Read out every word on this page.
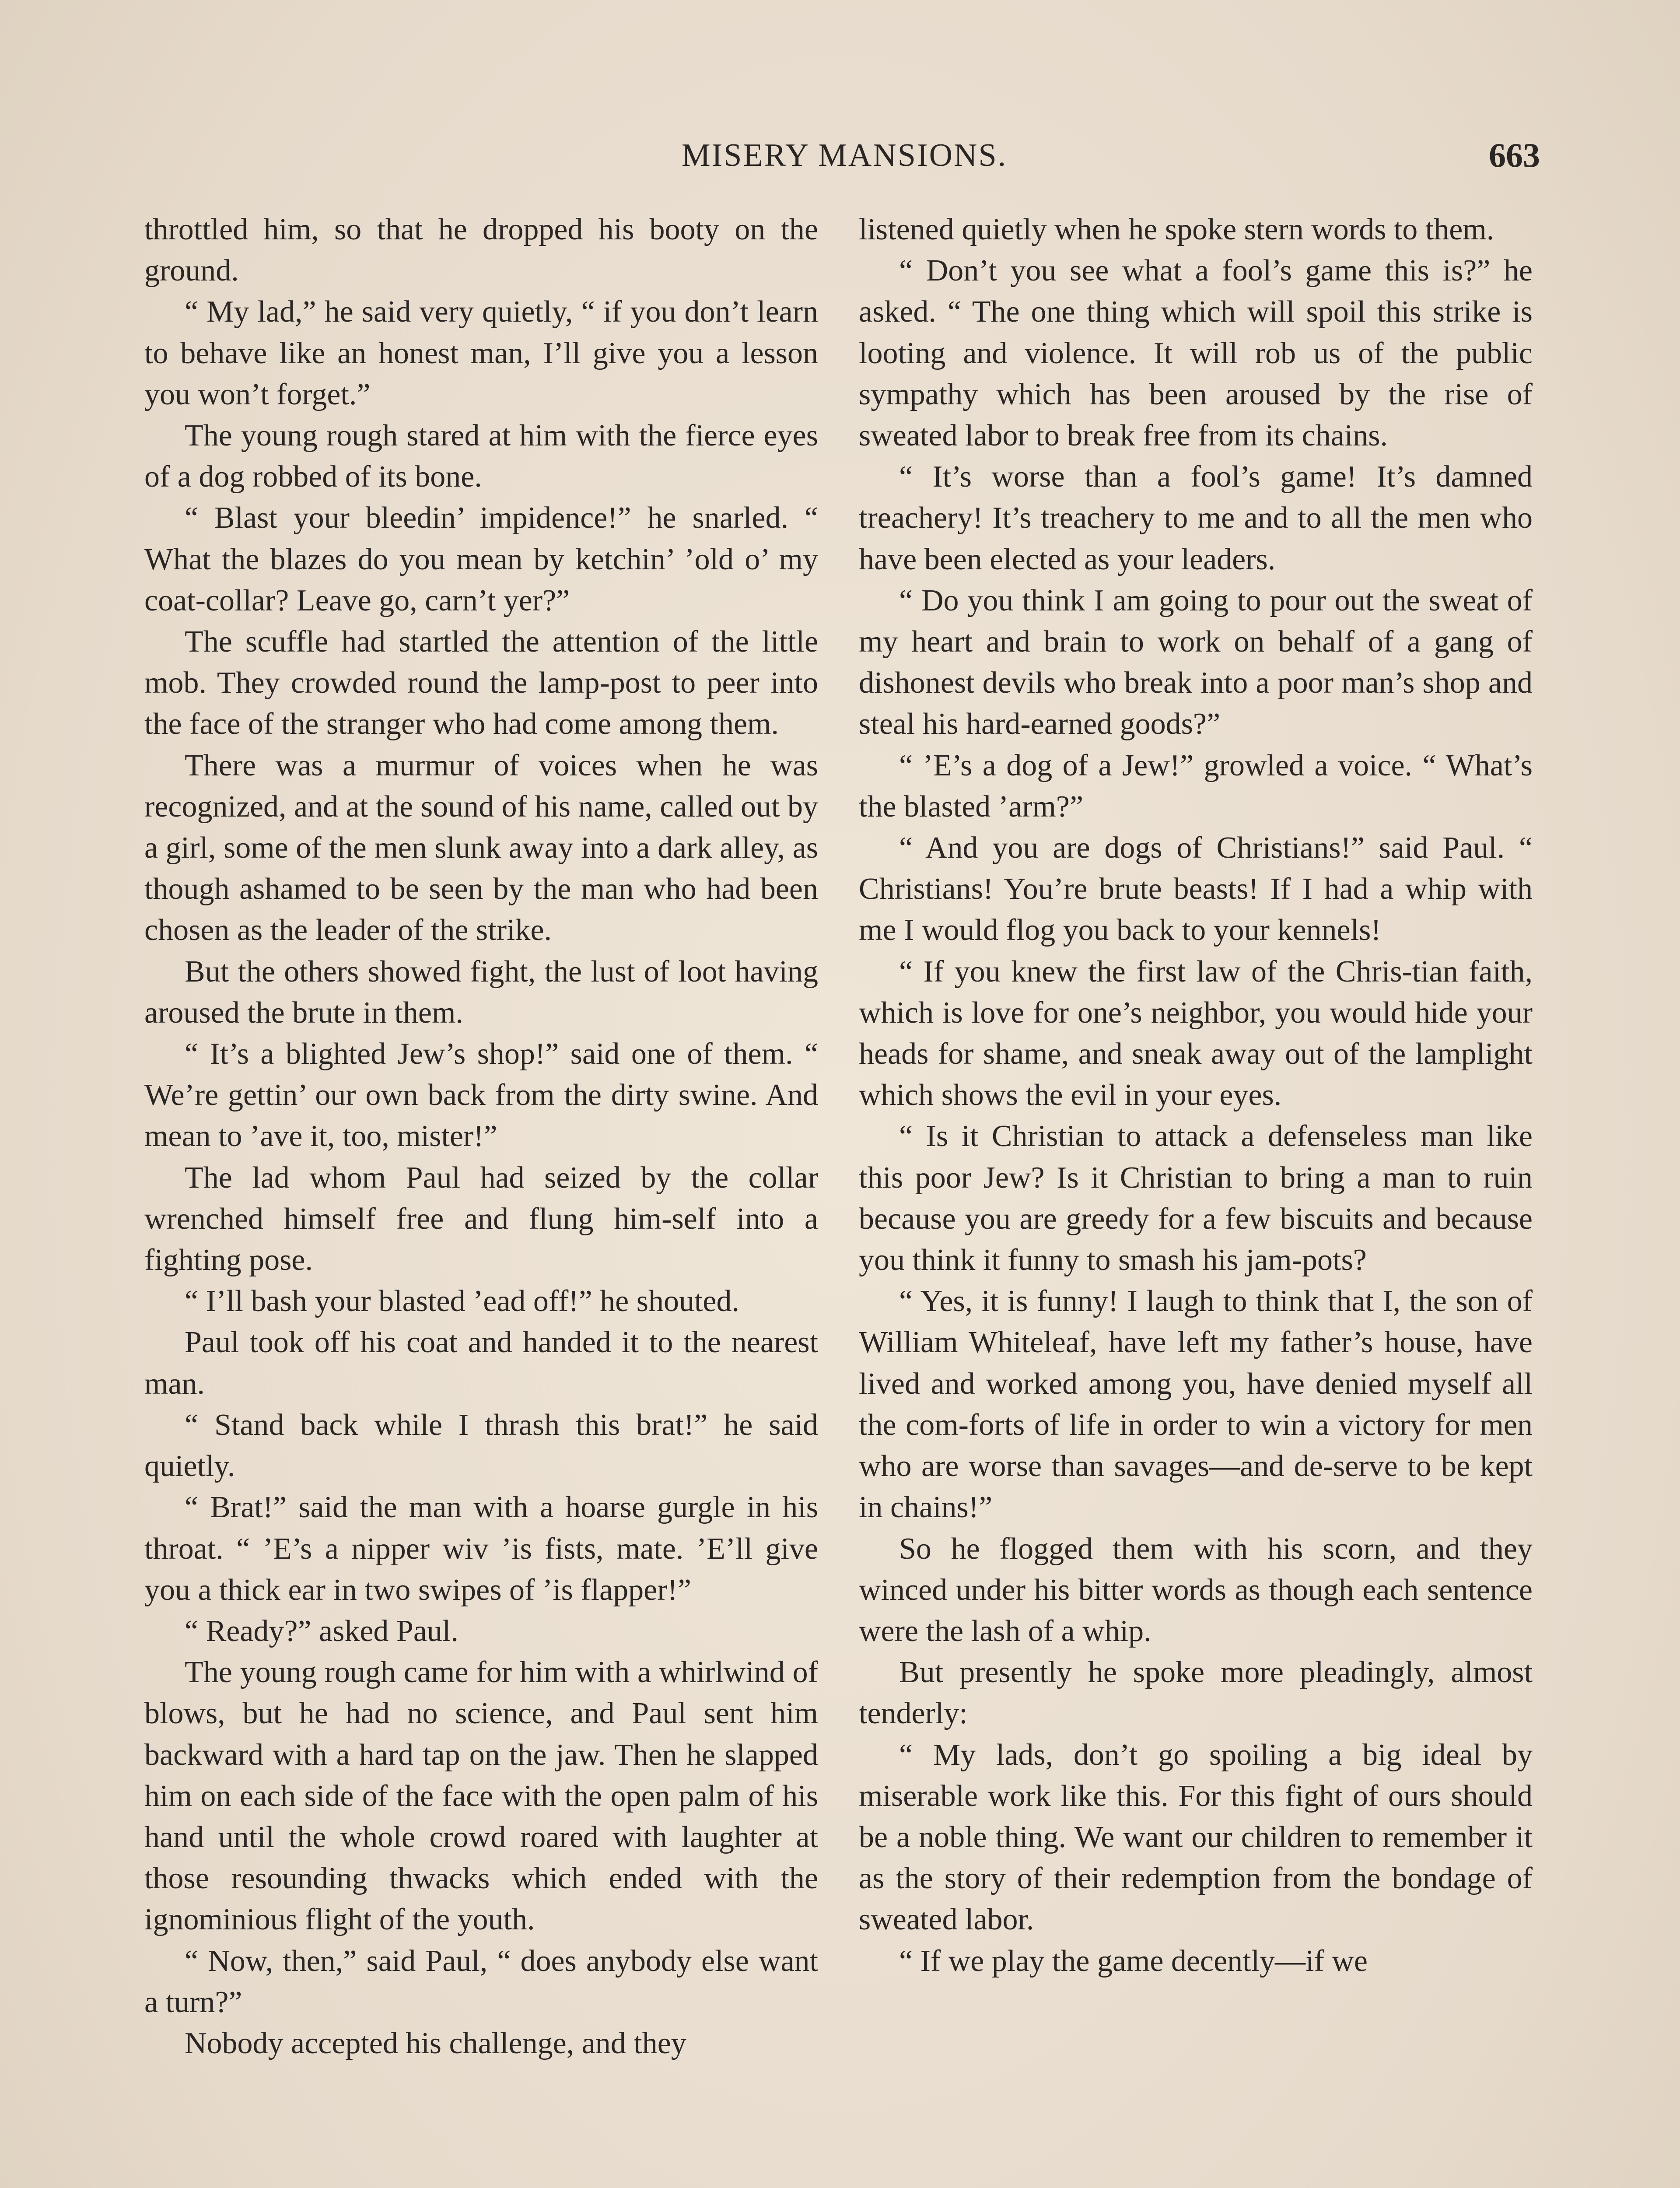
MISERY MANSIONS.	663

throttled him, so that he dropped his booty on the ground.

“ My lad,” he said very quietly, “ if you don’t learn to behave like an honest man, I’ll give you a lesson you won’t forget.”

The young rough stared at him with the fierce eyes of a dog robbed of its bone.

“ Blast your bleedin’ impidence!” he snarled. “ What the blazes do you mean by ketchin’ ’old o’ my coat-collar? Leave go, carn’t yer?”

The scuffle had startled the attention of the little mob. They crowded round the lamp-post to peer into the face of the stranger who had come among them.

There was a murmur of voices when he was recognized, and at the sound of his name, called out by a girl, some of the men slunk away into a dark alley, as though ashamed to be seen by the man who had been chosen as the leader of the strike.

But the others showed fight, the lust of loot having aroused the brute in them.

“ It’s a blighted Jew’s shop!” said one of them. “ We’re gettin’ our own back from the dirty swine. And mean to ’ave it, too, mister!”

The lad whom Paul had seized by the collar wrenched himself free and flung him-self into a fighting pose.

“ I’ll bash your blasted ’ead off!” he shouted.

Paul took off his coat and handed it to the nearest man.

“ Stand back while I thrash this brat!” he said quietly.

“ Brat!” said the man with a hoarse gurgle in his throat. “ ’E’s a nipper wiv ’is fists, mate. ’E’ll give you a thick ear in two swipes of ’is flapper!”

“ Ready?” asked Paul.

The young rough came for him with a whirlwind of blows, but he had no science, and Paul sent him backward with a hard tap on the jaw. Then he slapped him on each side of the face with the open palm of his hand until the whole crowd roared with laughter at those resounding thwacks which ended with the ignominious flight of the youth.

“ Now, then,” said Paul, “ does anybody else want a turn?”

Nobody accepted his challenge, and they

listened quietly when he spoke stern words to them.

“ Don’t you see what a fool’s game this is?” he asked. “ The one thing which will spoil this strike is looting and violence. It will rob us of the public sympathy which has been aroused by the rise of sweated labor to break free from its chains.

“ It’s worse than a fool’s game! It’s damned treachery! It’s treachery to me and to all the men who have been elected as your leaders.

“ Do you think I am going to pour out the sweat of my heart and brain to work on behalf of a gang of dishonest devils who break into a poor man’s shop and steal his hard-earned goods?”

“ ’E’s a dog of a Jew!” growled a voice. “ What’s the blasted ’arm?”

“ And you are dogs of Christians!” said Paul. “ Christians! You’re brute beasts! If I had a whip with me I would flog you back to your kennels!

“ If you knew the first law of the Chris-tian faith, which is love for one’s neighbor, you would hide your heads for shame, and sneak away out of the lamplight which shows the evil in your eyes.

“ Is it Christian to attack a defenseless man like this poor Jew? Is it Christian to bring a man to ruin because you are greedy for a few biscuits and because you think it funny to smash his jam-pots?

“ Yes, it is funny! I laugh to think that I, the son of William Whiteleaf, have left my father’s house, have lived and worked among you, have denied myself all the com-forts of life in order to win a victory for men who are worse than savages—and de-serve to be kept in chains!”

So he flogged them with his scorn, and they winced under his bitter words as though each sentence were the lash of a whip.

But presently he spoke more pleadingly, almost tenderly:

“ My lads, don’t go spoiling a big ideal by miserable work like this. For this fight of ours should be a noble thing. We want our children to remember it as the story of their redemption from the bondage of sweated labor.

“ If we play the game decently—if we
